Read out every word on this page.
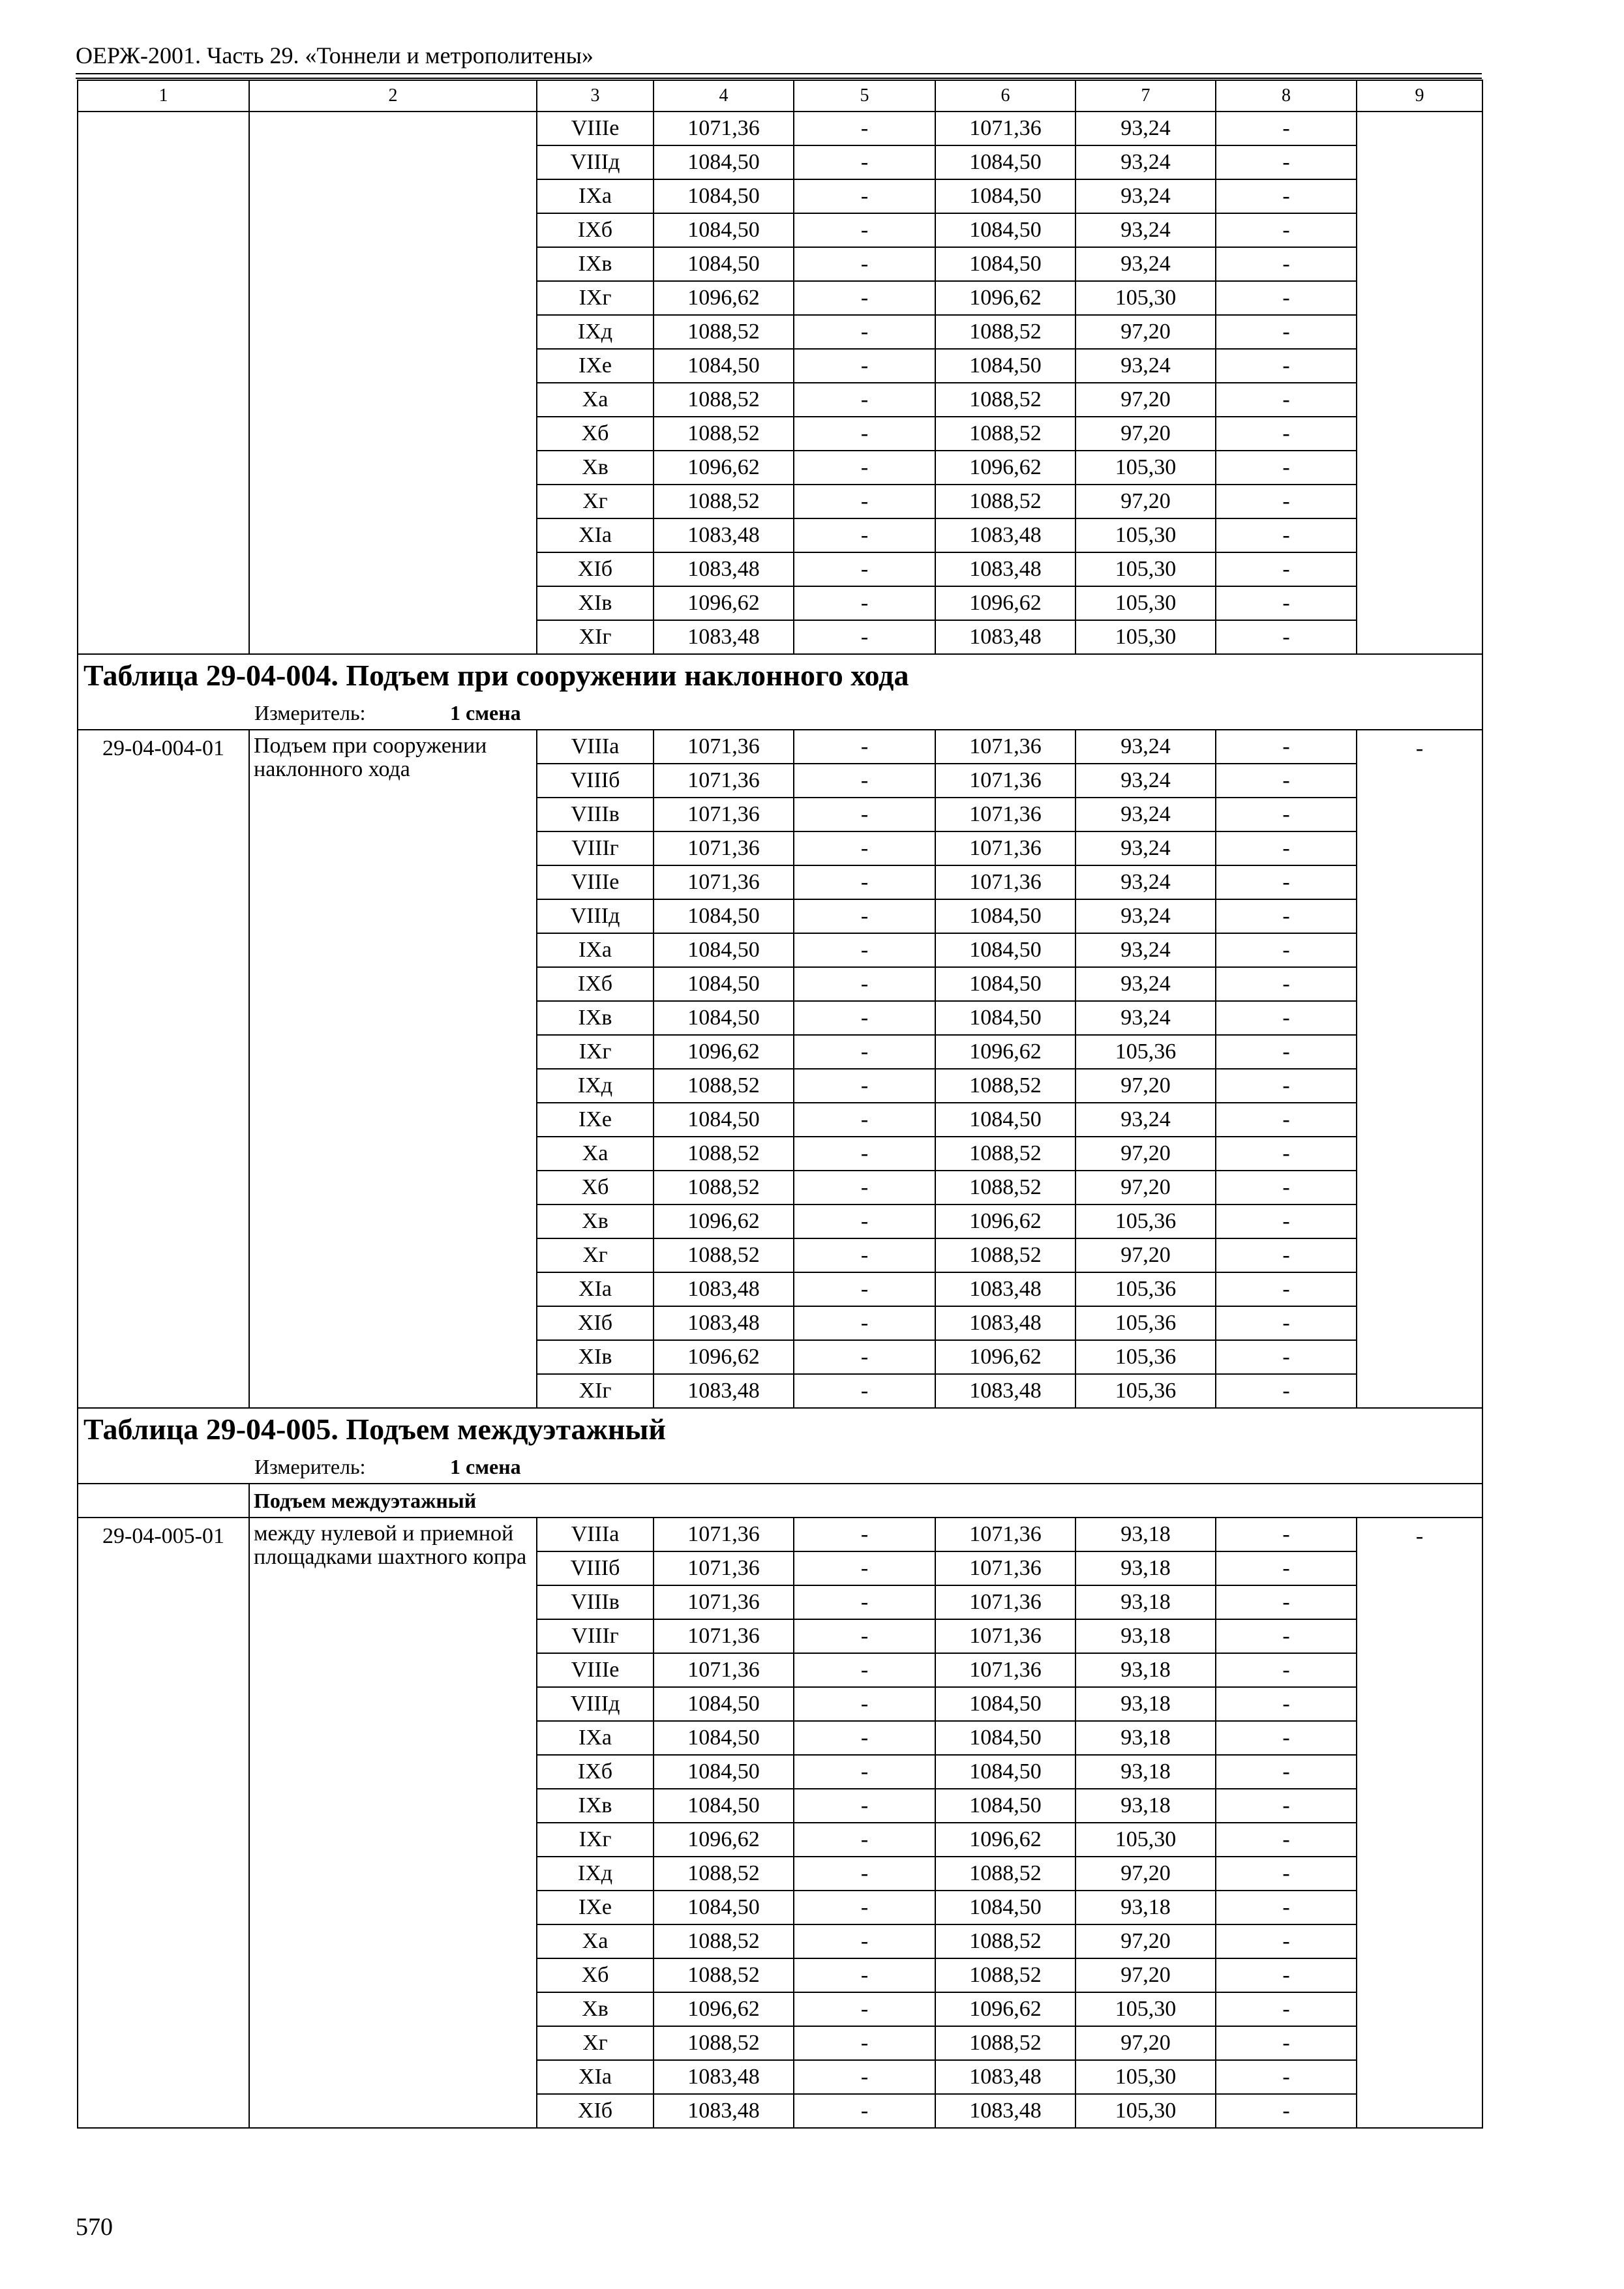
ОЕРЖ-2001. Часть 29. «Тоннели и метрополитены»
1	2	3	4	5	6	7	8	9
		VIIIе	1071,36	-	1071,36	93,24	-	
		VIIIд	1084,50	-	1084,50	93,24	-	
		IXа	1084,50	-	1084,50	93,24	-	
		IXб	1084,50	-	1084,50	93,24	-	
		IXв	1084,50	-	1084,50	93,24	-	
		IXг	1096,62	-	1096,62	105,30	-	
		IXд	1088,52	-	1088,52	97,20	-	
		IXе	1084,50	-	1084,50	93,24	-	
		Xа	1088,52	-	1088,52	97,20	-	
		Xб	1088,52	-	1088,52	97,20	-	
		Xв	1096,62	-	1096,62	105,30	-	
		Xг	1088,52	-	1088,52	97,20	-	
		XIа	1083,48	-	1083,48	105,30	-	
		XIб	1083,48	-	1083,48	105,30	-	
		XIв	1096,62	-	1096,62	105,30	-	
		XIг	1083,48	-	1083,48	105,30	-	
Таблица 29-04-004. Подъем при сооружении наклонного хода								
Измеритель: 1 смена								
29-04-004-01	Подъем при сооружении наклонного хода	VIIIа	1071,36	-	1071,36	93,24	-	-
		VIIIб	1071,36	-	1071,36	93,24	-	
		VIIIв	1071,36	-	1071,36	93,24	-	
		VIIIг	1071,36	-	1071,36	93,24	-	
		VIIIе	1071,36	-	1071,36	93,24	-	
		VIIIд	1084,50	-	1084,50	93,24	-	
		IXа	1084,50	-	1084,50	93,24	-	
		IXб	1084,50	-	1084,50	93,24	-	
		IXв	1084,50	-	1084,50	93,24	-	
		IXг	1096,62	-	1096,62	105,36	-	
		IXд	1088,52	-	1088,52	97,20	-	
		IXе	1084,50	-	1084,50	93,24	-	
		Xа	1088,52	-	1088,52	97,20	-	
		Xб	1088,52	-	1088,52	97,20	-	
		Xв	1096,62	-	1096,62	105,36	-	
		Xг	1088,52	-	1088,52	97,20	-	
		XIа	1083,48	-	1083,48	105,36	-	
		XIб	1083,48	-	1083,48	105,36	-	
		XIв	1096,62	-	1096,62	105,36	-	
		XIг	1083,48	-	1083,48	105,36	-	
Таблица 29-04-005. Подъем междуэтажный								
Измеритель: 1 смена								
	Подъем междуэтажный							
29-04-005-01	между нулевой и приемной площадками шахтного копра	VIIIа	1071,36	-	1071,36	93,18	-	-
		VIIIб	1071,36	-	1071,36	93,18	-	
		VIIIв	1071,36	-	1071,36	93,18	-	
		VIIIг	1071,36	-	1071,36	93,18	-	
		VIIIе	1071,36	-	1071,36	93,18	-	
		VIIIд	1084,50	-	1084,50	93,18	-	
		IXа	1084,50	-	1084,50	93,18	-	
		IXб	1084,50	-	1084,50	93,18	-	
		IXв	1084,50	-	1084,50	93,18	-	
		IXг	1096,62	-	1096,62	105,30	-	
		IXд	1088,52	-	1088,52	97,20	-	
		IXе	1084,50	-	1084,50	93,18	-	
		Xа	1088,52	-	1088,52	97,20	-	
		Xб	1088,52	-	1088,52	97,20	-	
		Xв	1096,62	-	1096,62	105,30	-	
		Xг	1088,52	-	1088,52	97,20	-	
		XIа	1083,48	-	1083,48	105,30	-	
		XIб	1083,48	-	1083,48	105,30	-	
570
